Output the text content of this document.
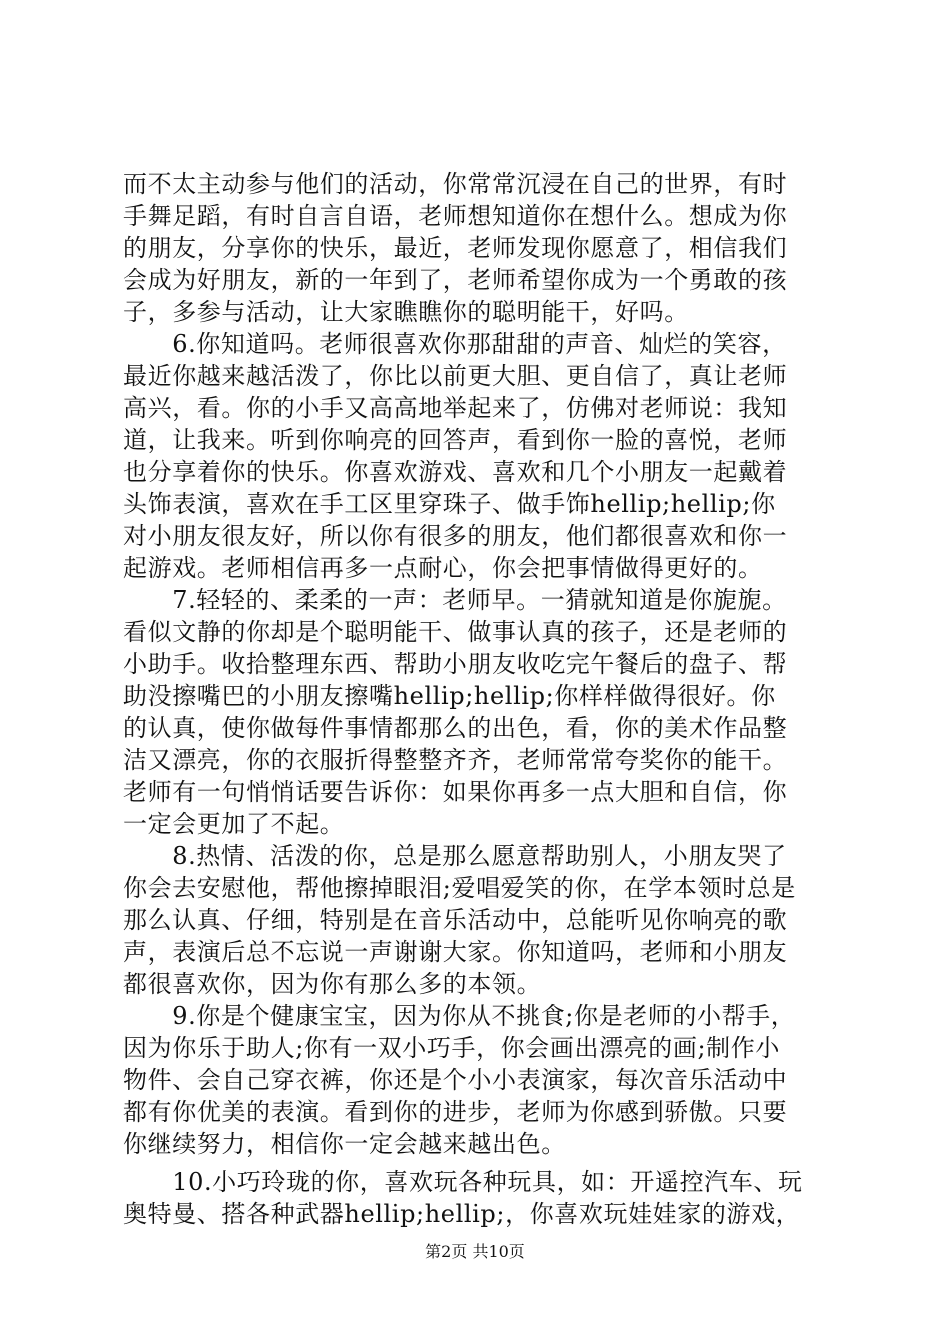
而不太主动参与他们的活动，你常常沉浸在自己的世界，有时
手舞足蹈，有时自言自语，老师想知道你在想什么。想成为你
的朋友，分享你的快乐，最近，老师发现你愿意了，相信我们
会成为好朋友，新的一年到了，老师希望你成为一个勇敢的孩
子，多参与活动，让大家瞧瞧你的聪明能干，好吗。
　　6.你知道吗。老师很喜欢你那甜甜的声音、灿烂的笑容，
最近你越来越活泼了，你比以前更大胆、更自信了，真让老师
高兴，看。你的小手又高高地举起来了，仿佛对老师说：我知
道，让我来。听到你响亮的回答声，看到你一脸的喜悦，老师
也分享着你的快乐。你喜欢游戏、喜欢和几个小朋友一起戴着
头饰表演，喜欢在手工区里穿珠子、做手饰hellip;hellip;你
对小朋友很友好，所以你有很多的朋友，他们都很喜欢和你一
起游戏。老师相信再多一点耐心，你会把事情做得更好的。
　　7.轻轻的、柔柔的一声：老师早。一猜就知道是你旎旎。
看似文静的你却是个聪明能干、做事认真的孩子，还是老师的
小助手。收拾整理东西、帮助小朋友收吃完午餐后的盘子、帮
助没擦嘴巴的小朋友擦嘴hellip;hellip;你样样做得很好。你
的认真，使你做每件事情都那么的出色，看，你的美术作品整
洁又漂亮，你的衣服折得整整齐齐，老师常常夸奖你的能干。
老师有一句悄悄话要告诉你：如果你再多一点大胆和自信，你
一定会更加了不起。
　　8.热情、活泼的你，总是那么愿意帮助别人，小朋友哭了
你会去安慰他，帮他擦掉眼泪;爱唱爱笑的你，在学本领时总是
那么认真、仔细，特别是在音乐活动中，总能听见你响亮的歌
声，表演后总不忘说一声谢谢大家。你知道吗，老师和小朋友
都很喜欢你，因为你有那么多的本领。
　　9.你是个健康宝宝，因为你从不挑食;你是老师的小帮手，
因为你乐于助人;你有一双小巧手，你会画出漂亮的画;制作小
物件、会自己穿衣裤，你还是个小小表演家，每次音乐活动中
都有你优美的表演。看到你的进步，老师为你感到骄傲。只要
你继续努力，相信你一定会越来越出色。
　　10.小巧玲珑的你，喜欢玩各种玩具，如：开遥控汽车、玩
奥特曼、搭各种武器hellip;hellip;，你喜欢玩娃娃家的游戏，
第2页 共10页
